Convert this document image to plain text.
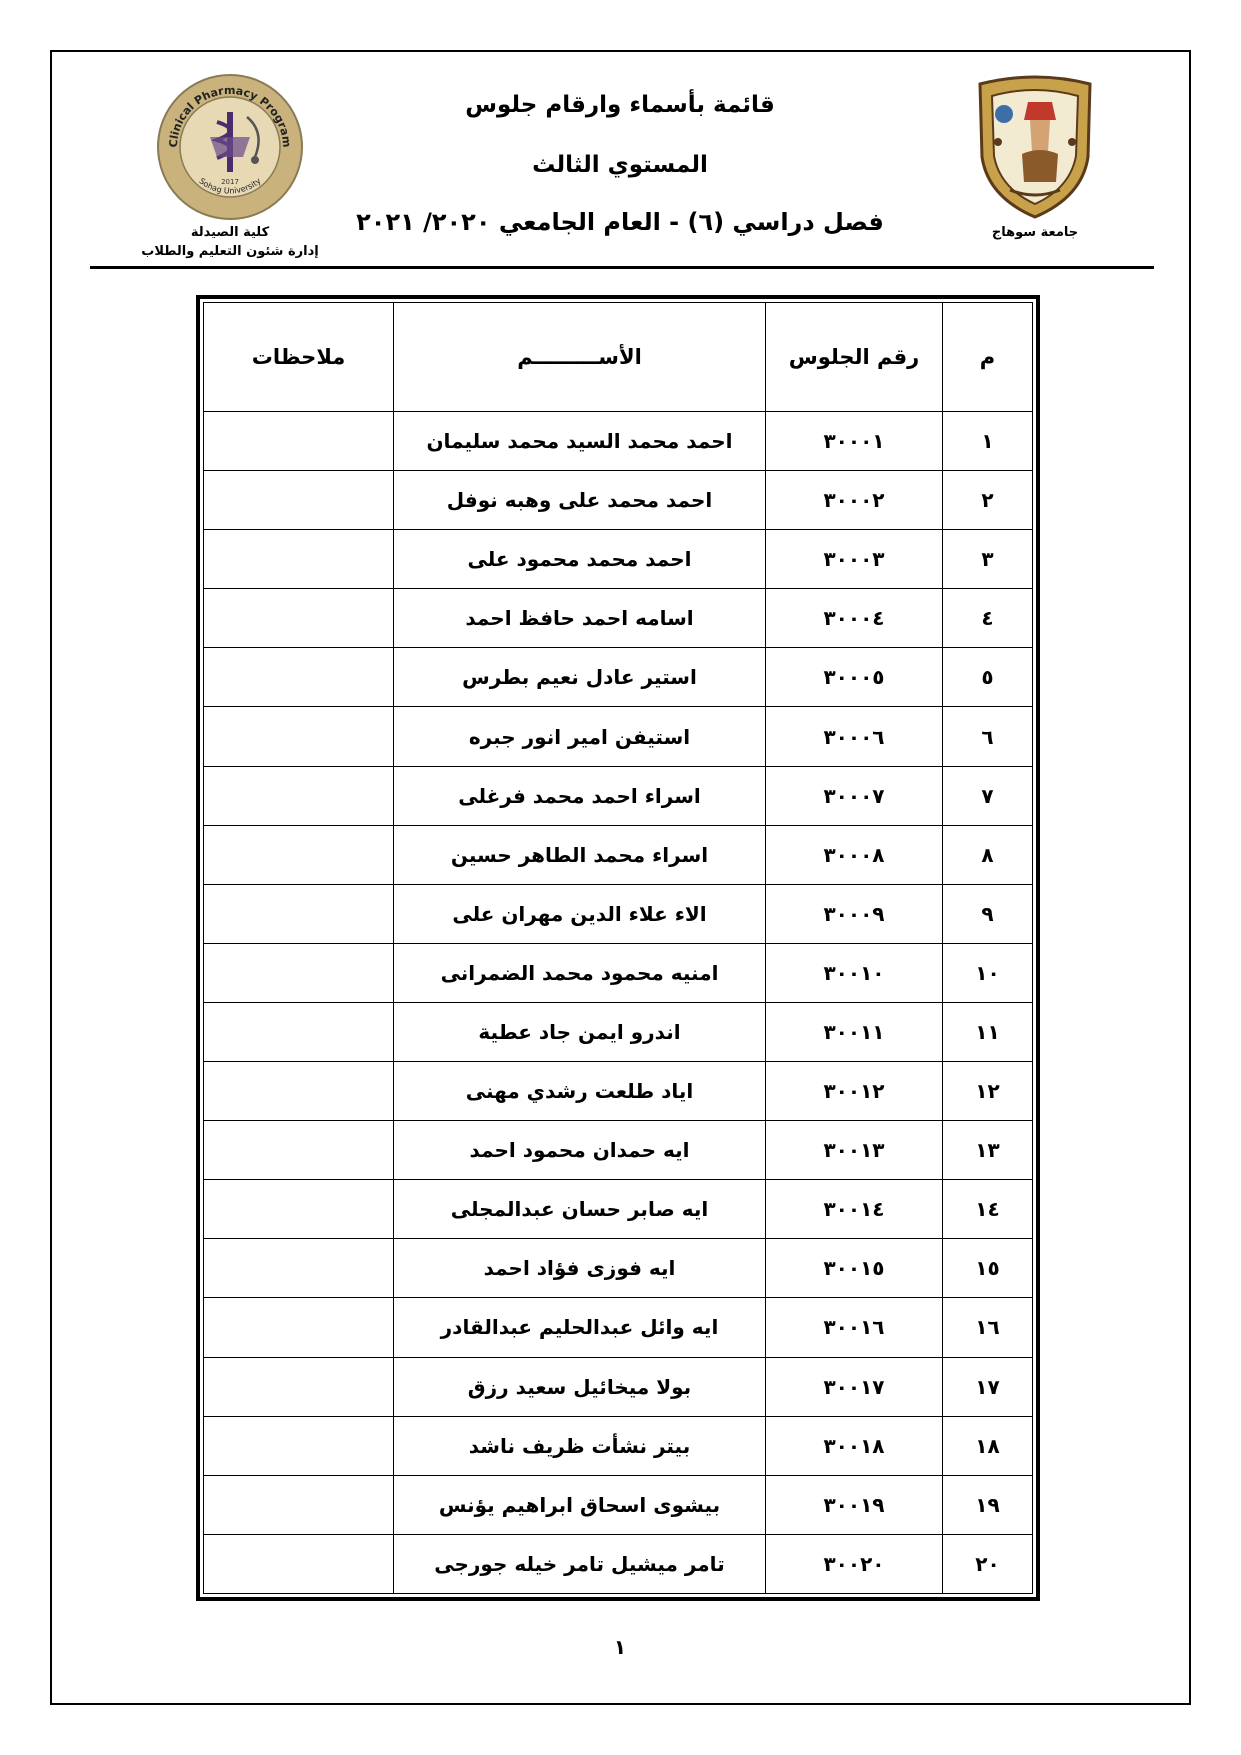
جامعة سوهاج
Clinical Pharmacy Program
Sohag University
2017
كلية الصيدلة
إدارة شئون التعليم والطلاب
قائمة بأسماء وارقام جلوس
المستوي الثالث
فصل دراسي (٦) - العام الجامعي ٢٠٢٠/ ٢٠٢١
م	رقم الجلوس	الأســـــــــم	ملاحظات
١	٣٠٠٠١	احمد محمد السيد محمد سليمان	
٢	٣٠٠٠٢	احمد محمد على وهبه نوفل	
٣	٣٠٠٠٣	احمد محمد محمود على	
٤	٣٠٠٠٤	اسامه احمد حافظ احمد	
٥	٣٠٠٠٥	استير عادل نعيم بطرس	
٦	٣٠٠٠٦	استيفن امير انور جبره	
٧	٣٠٠٠٧	اسراء احمد محمد فرغلى	
٨	٣٠٠٠٨	اسراء محمد الطاهر حسين	
٩	٣٠٠٠٩	الاء علاء الدين مهران على	
١٠	٣٠٠١٠	امنيه محمود محمد الضمرانى	
١١	٣٠٠١١	اندرو ايمن جاد عطية	
١٢	٣٠٠١٢	اياد طلعت رشدي مهنى	
١٣	٣٠٠١٣	ايه حمدان محمود احمد	
١٤	٣٠٠١٤	ايه صابر حسان عبدالمجلى	
١٥	٣٠٠١٥	ايه فوزى فؤاد احمد	
١٦	٣٠٠١٦	ايه وائل عبدالحليم عبدالقادر	
١٧	٣٠٠١٧	بولا ميخائيل سعيد رزق	
١٨	٣٠٠١٨	بيتر نشأت ظريف ناشد	
١٩	٣٠٠١٩	بيشوى اسحاق ابراهيم يؤنس	
٢٠	٣٠٠٢٠	تامر ميشيل تامر خيله جورجى	
١
